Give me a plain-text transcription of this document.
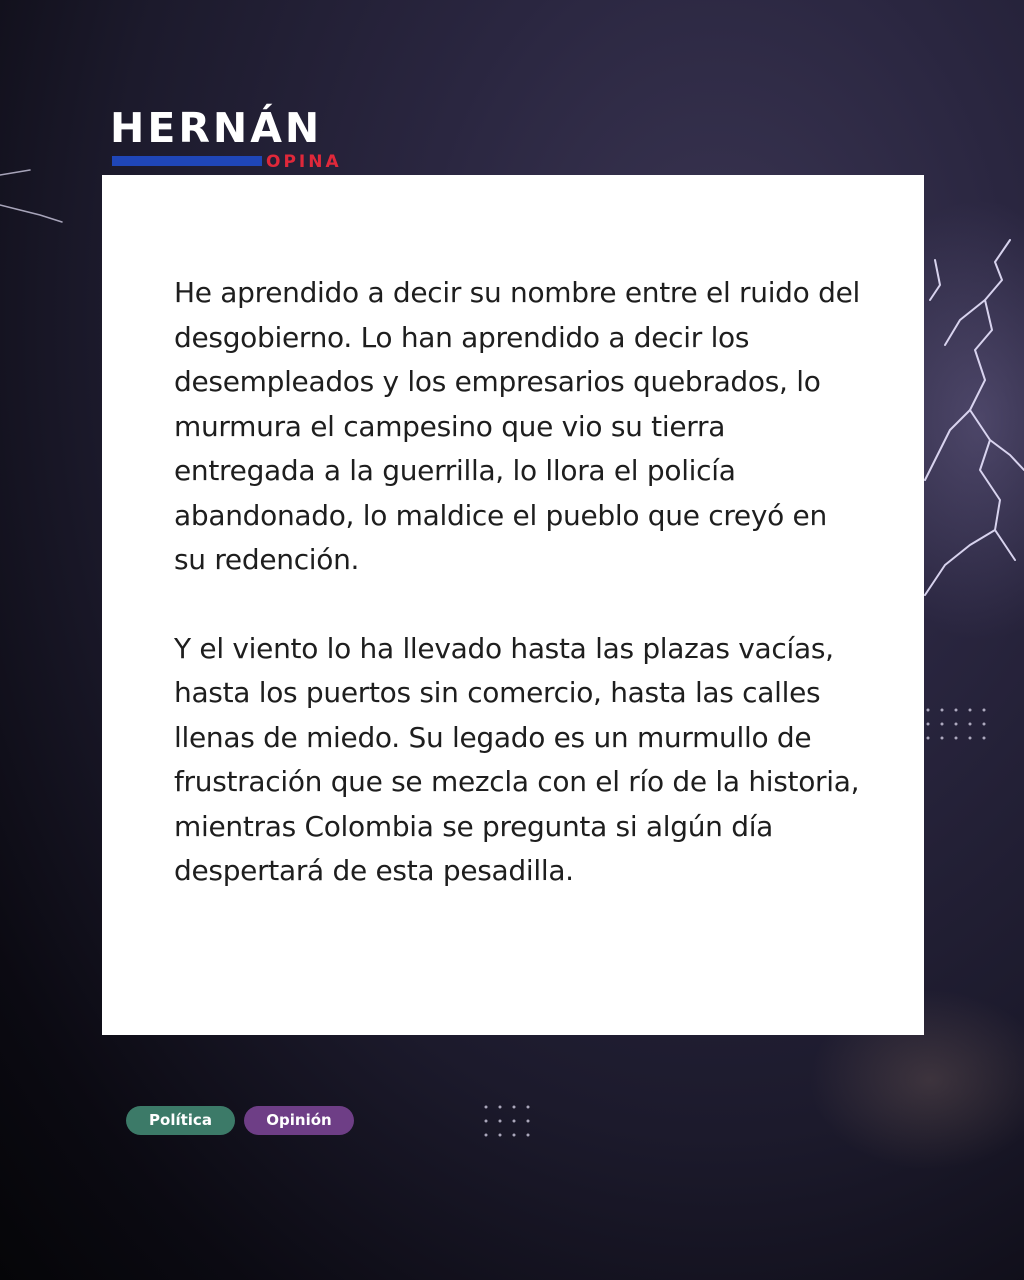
HERNÁN
OPINA

He aprendido a decir su nombre entre el ruido del desgobierno. Lo han aprendido a decir los desempleados y los empresarios quebrados, lo murmura el campesino que vio su tierra entregada a la guerrilla, lo llora el policía abandonado, lo maldice el pueblo que creyó en su redención.

Y el viento lo ha llevado hasta las plazas vacías, hasta los puertos sin comercio, hasta las calles llenas de miedo. Su legado es un murmullo de frustración que se mezcla con el río de la historia, mientras Colombia se pregunta si algún día despertará de esta pesadilla.

Política	Opinión
